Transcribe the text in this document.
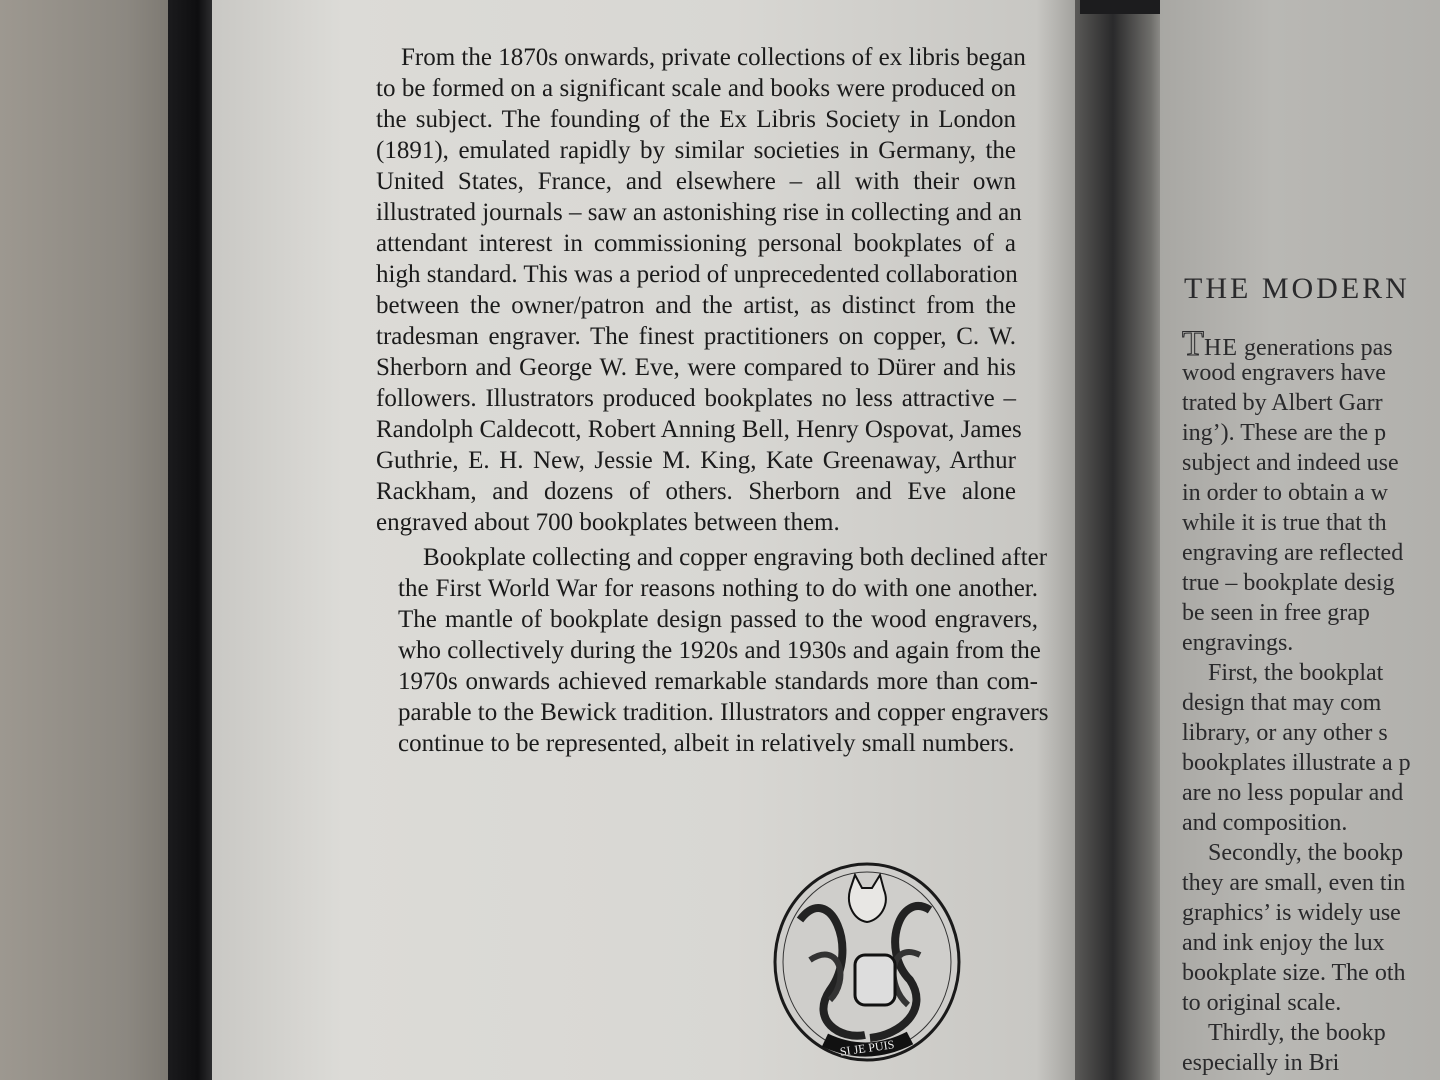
From the 1870s onwards, private collections of ex libris began
to be formed on a significant scale and books were produced on
the subject. The founding of the Ex Libris Society in London
(1891), emulated rapidly by similar societies in Germany, the
United States, France, and elsewhere – all with their own
illustrated journals – saw an astonishing rise in collecting and an
attendant interest in commissioning personal bookplates of a
high standard. This was a period of unprecedented collaboration
between the owner/patron and the artist, as distinct from the
tradesman engraver. The finest practitioners on copper, C. W.
Sherborn and George W. Eve, were compared to Dürer and his
followers. Illustrators produced bookplates no less attractive –
Randolph Caldecott, Robert Anning Bell, Henry Ospovat, James
Guthrie, E. H. New, Jessie M. King, Kate Greenaway, Arthur
Rackham, and dozens of others. Sherborn and Eve alone
engraved about 700 bookplates between them.
Bookplate collecting and copper engraving both declined after
the First World War for reasons nothing to do with one another.
The mantle of bookplate design passed to the wood engravers,
who collectively during the 1920s and 1930s and again from the
1970s onwards achieved remarkable standards more than com-
parable to the Bewick tradition. Illustrators and copper engravers
continue to be represented, albeit in relatively small numbers.
SI JE PUIS
THE MODERN
THE generations pas
wood engravers have
trated by Albert Garr
ing’). These are the p
subject and indeed use
in order to obtain a w
while it is true that th
engraving are reflected
true – bookplate desig
be seen in free grap
engravings.
First, the bookplat
design that may com
library, or any other s
bookplates illustrate a p
are no less popular and
and composition.
Secondly, the bookp
they are small, even tin
graphics’ is widely use
and ink enjoy the lux
bookplate size. The oth
to original scale.
Thirdly, the bookp
especially in Bri
